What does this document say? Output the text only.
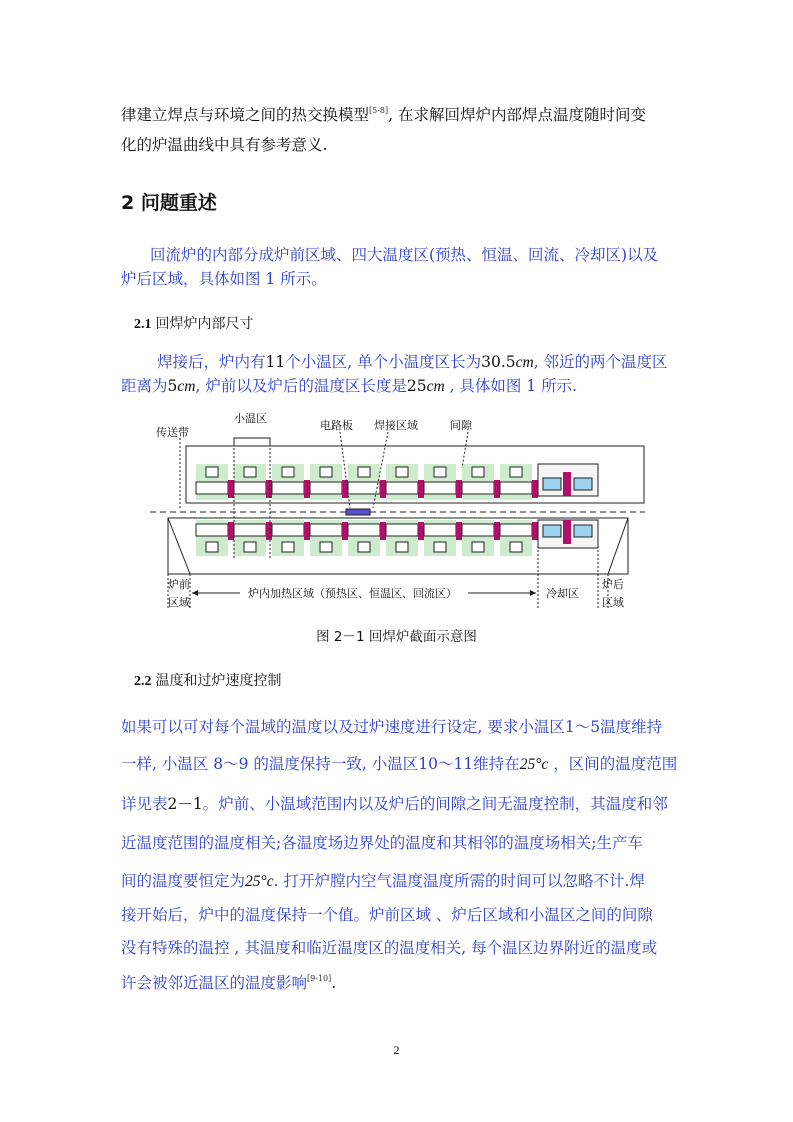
律建立焊点与环境之间的热交换模型[5-8], 在求解回焊炉内部焊点温度随时间变
化的炉温曲线中具有参考意义.
2 问题重述
回流炉的内部分成炉前区域、四大温度区(预热、恒温、回流、冷却区)以及
炉后区域，具体如图 1 所示。
2.1 回焊炉内部尺寸
焊接后，炉内有11个小温区, 单个小温度区长为30.5cm, 邻近的两个温度区
距离为5cm, 炉前以及炉后的温度区长度是25cm , 具体如图 1 所示.
小温区
传送带
电路板 焊接区域	间隙
炉前
区域
炉内加热区域（预热区、恒温区、回流区）	冷却区
炉后
区域
图 2－1 回焊炉截面示意图
2.2 温度和过炉速度控制
如果可以可对每个温域的温度以及过炉速度进行设定, 要求小温区1～5温度维持
一样, 小温区 8～9 的温度保持一致, 小温区10～11维持在25°c ，区间的温度范围
详见表2－1。炉前、小温域范围内以及炉后的间隙之间无温度控制，其温度和邻
近温度范围的温度相关;各温度场边界处的温度和其相邻的温度场相关;生产车
间的温度要恒定为25°c. 打开炉膛内空气温度温度所需的时间可以忽略不计.焊
接开始后，炉中的温度保持一个值。炉前区域 、炉后区域和小温区之间的间隙
没有特殊的温控 , 其温度和临近温度区的温度相关, 每个温区边界附近的温度或
许会被邻近温区的温度影响[9-10].
2
